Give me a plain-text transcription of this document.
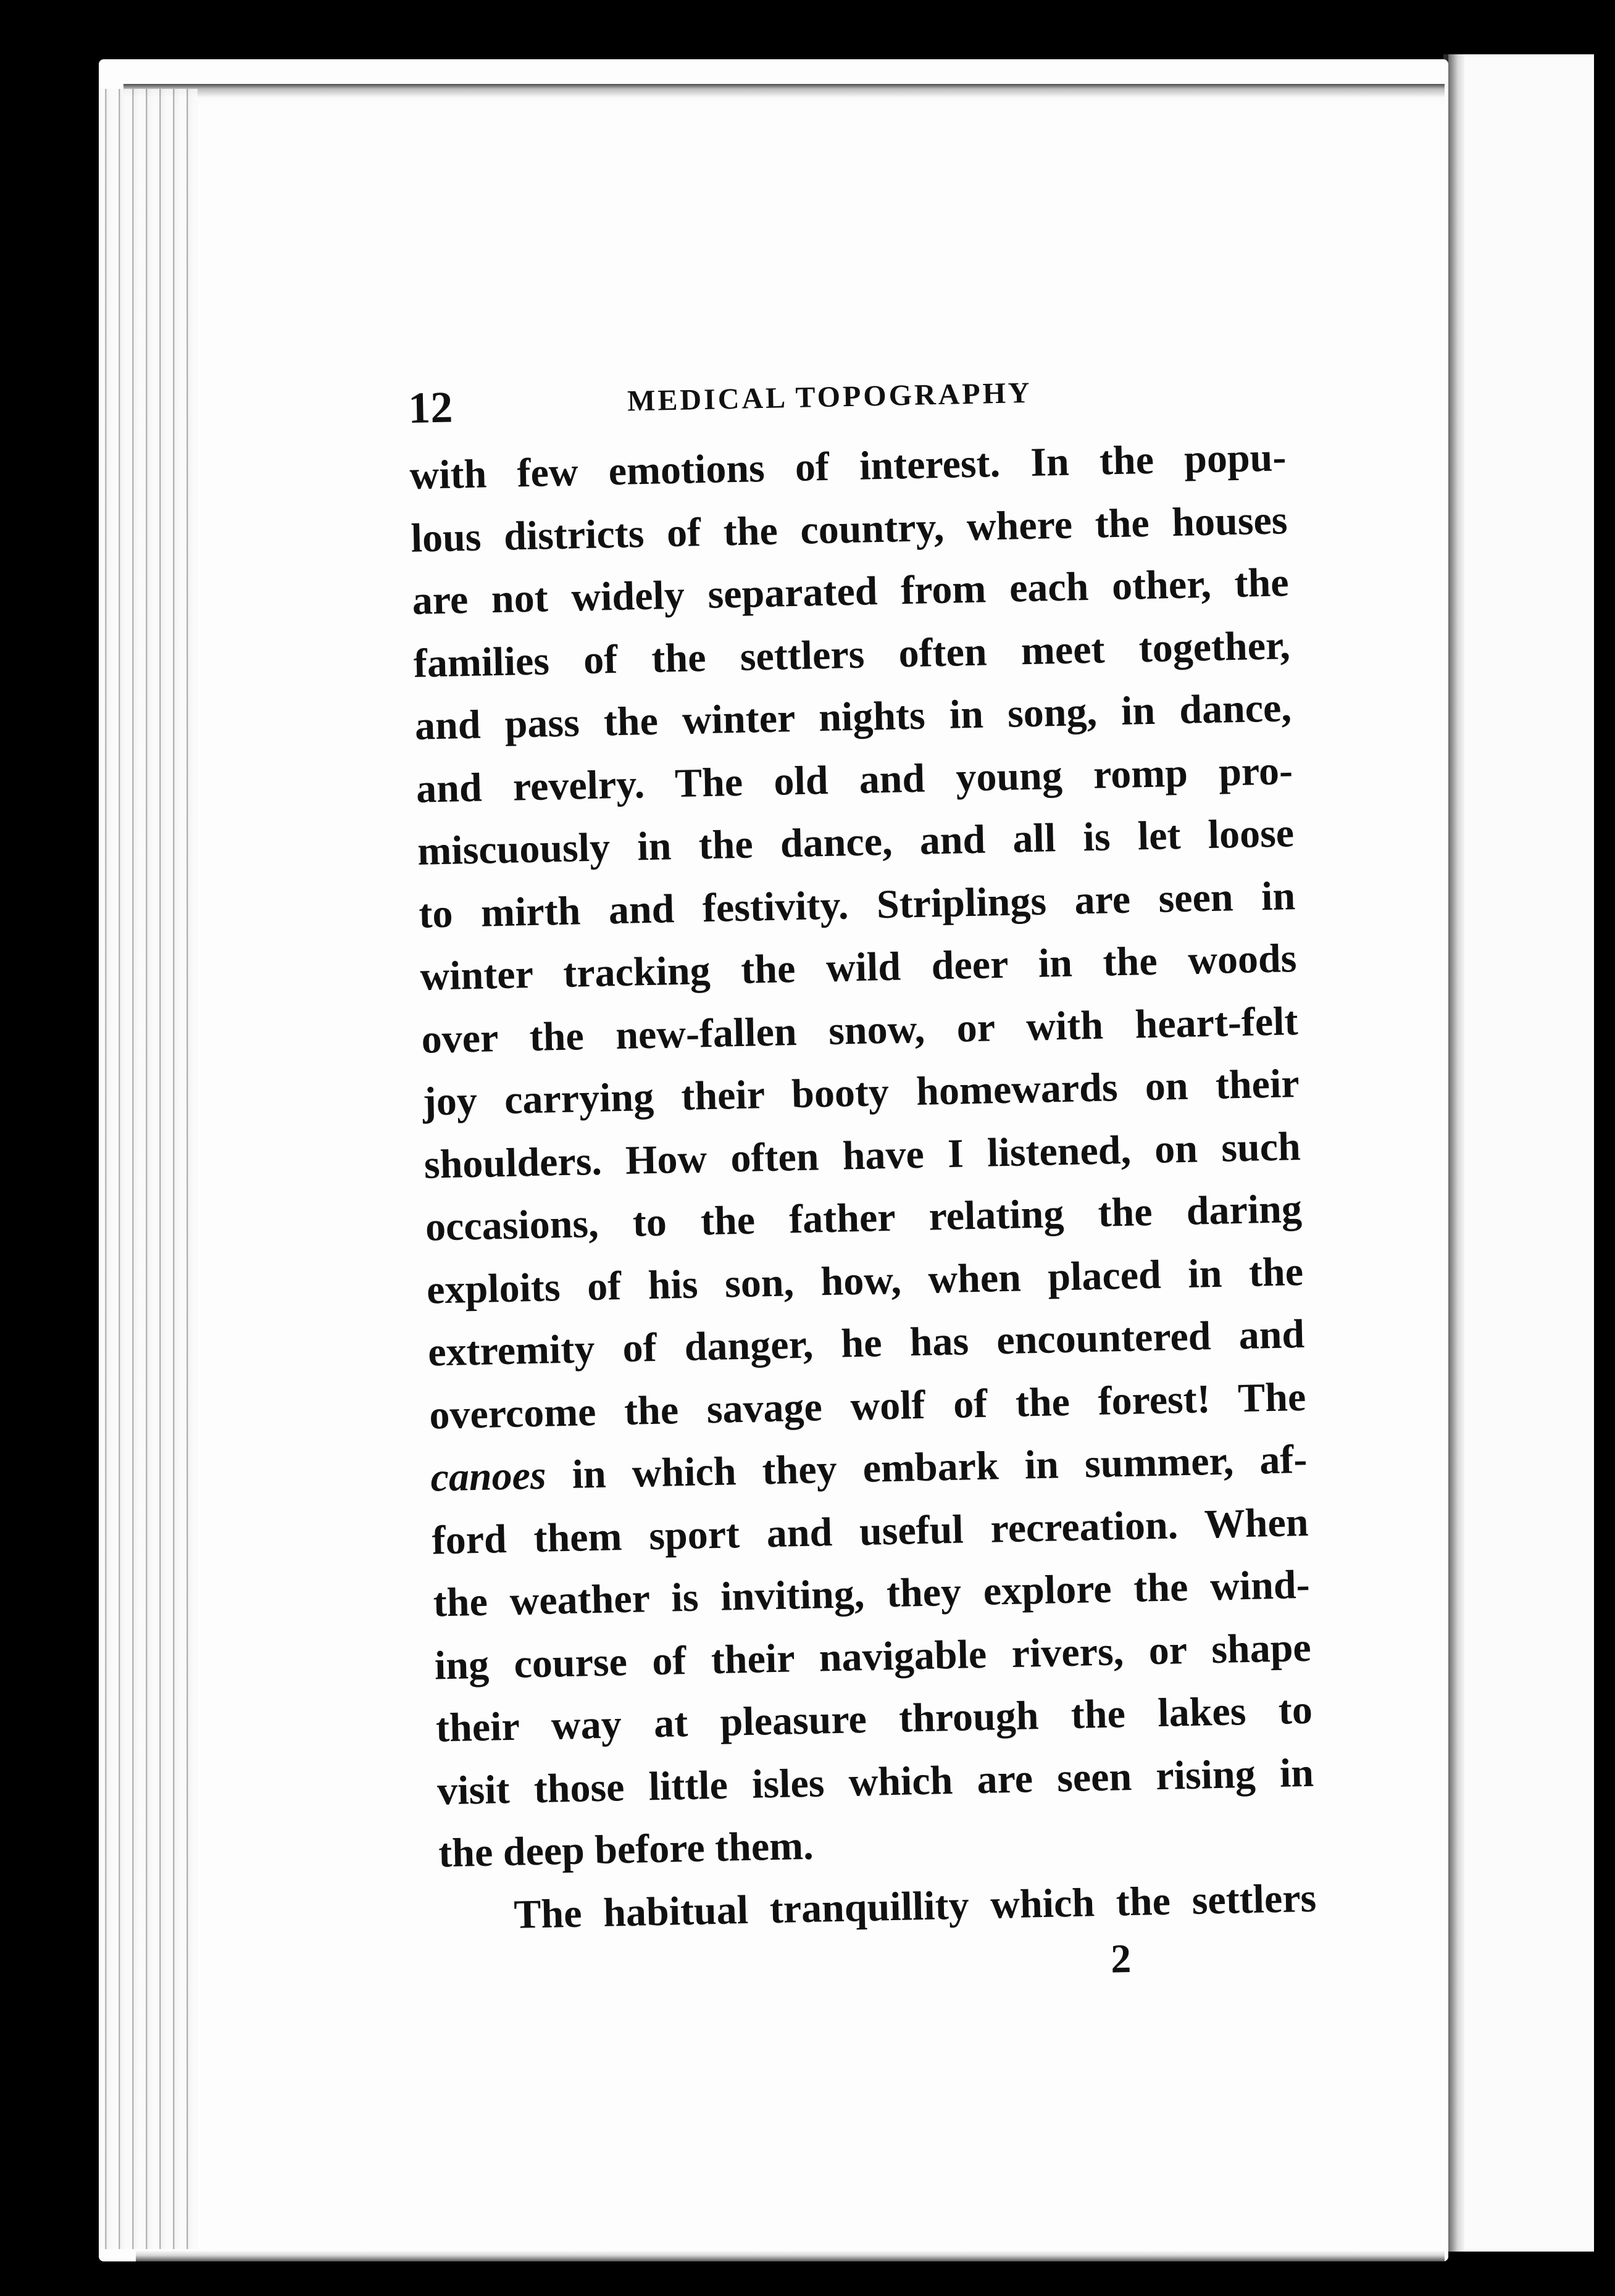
12	MEDICAL TOPOGRAPHY
with few emotions of interest. In the popu-
lous districts of the country, where the houses
are not widely separated from each other, the
families of the settlers often meet together,
and pass the winter nights in song, in dance,
and revelry. The old and young romp pro-
miscuously in the dance, and all is let loose
to mirth and festivity. Striplings are seen in
winter tracking the wild deer in the woods
over the new-fallen snow, or with heart-felt
joy carrying their booty homewards on their
shoulders. How often have I listened, on such
occasions, to the father relating the daring
exploits of his son, how, when placed in the
extremity of danger, he has encountered and
overcome the savage wolf of the forest! The
canoes in which they embark in summer, af-
ford them sport and useful recreation. When
the weather is inviting, they explore the wind-
ing course of their navigable rivers, or shape
their way at pleasure through the lakes to
visit those little isles which are seen rising in
the deep before them.
The habitual tranquillity which the settlers
2
